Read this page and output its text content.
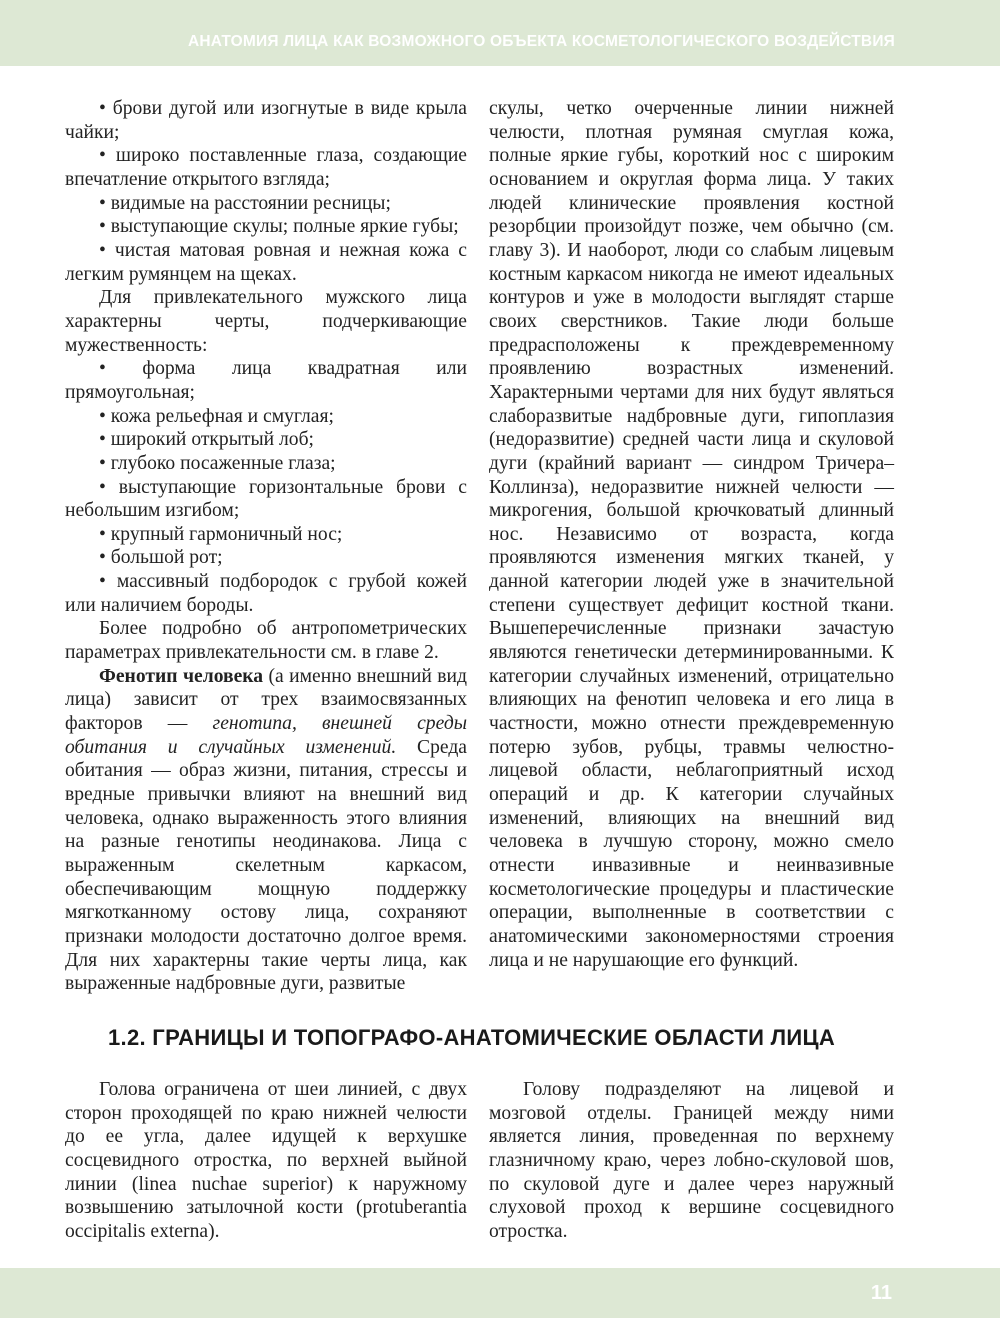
АНАТОМИЯ ЛИЦА КАК ВОЗМОЖНОГО ОБЪЕКТА КОСМЕТОЛОГИЧЕСКОГО ВОЗДЕЙСТВИЯ

• брови дугой или изогнутые в виде крыла чайки;

• широко поставленные глаза, создающие впечатление открытого взгляда;

• видимые на расстоянии ресницы;

• выступающие скулы; полные яркие губы;

• чистая матовая ровная и нежная кожа с легким румянцем на щеках.

Для привлекательного мужского лица характерны черты, подчеркивающие мужественность:

• форма лица квадратная или прямоугольная;

• кожа рельефная и смуглая;

• широкий открытый лоб;

• глубоко посаженные глаза;

• выступающие горизонтальные брови с небольшим изгибом;

• крупный гармоничный нос;

• большой рот;

• массивный подбородок с грубой кожей или наличием бороды.

Более подробно об антропометрических параметрах привлекательности см. в главе 2.

Фенотип человека (а именно внешний вид лица) зависит от трех взаимосвязанных факторов — генотипа, внешней среды обитания и случайных изменений. Среда обитания — образ жизни, питания, стрессы и вредные привычки влияют на внешний вид человека, однако выраженность этого влияния на разные генотипы неодинакова. Лица с выраженным скелетным каркасом, обеспечивающим мощную поддержку мягкотканному остову лица, сохраняют признаки молодости достаточно долгое время. Для них характерны такие черты лица, как выраженные надбровные дуги, развитые

скулы, четко очерченные линии нижней челюсти, плотная румяная смуглая кожа, полные яркие губы, короткий нос с широким основанием и округлая форма лица. У таких людей клинические проявления костной резорбции произойдут позже, чем обычно (см. главу 3). И наоборот, люди со слабым лицевым костным каркасом никогда не имеют идеальных контуров и уже в молодости выглядят старше своих сверстников. Такие люди больше предрасположены к преждевременному проявлению возрастных изменений. Характерными чертами для них будут являться слаборазвитые надбровные дуги, гипоплазия (недоразвитие) средней части лица и скуловой дуги (крайний вариант — синдром Тричера–Коллинза), недоразвитие нижней челюсти — микрогения, большой крючковатый длинный нос. Независимо от возраста, когда проявляются изменения мягких тканей, у данной категории людей уже в значительной степени существует дефицит костной ткани. Вышеперечисленные признаки зачастую являются генетически детерминированными. К категории случайных изменений, отрицательно влияющих на фенотип человека и его лица в частности, можно отнести преждевременную потерю зубов, рубцы, травмы челюстно-лицевой области, неблагоприятный исход операций и др. К категории случайных изменений, влияющих на внешний вид человека в лучшую сторону, можно смело отнести инвазивные и неинвазивные косметологические процедуры и пластические операции, выполненные в соответствии с анатомическими закономерностями строения лица и не нарушающие его функций.

1.2. ГРАНИЦЫ И ТОПОГРАФО-АНАТОМИЧЕСКИЕ ОБЛАСТИ ЛИЦА

Голова ограничена от шеи линией, с двух сторон проходящей по краю нижней челюсти до ее угла, далее идущей к верхушке сосцевидного отростка, по верхней выйной линии (linea nuchae superior) к наружному возвышению затылочной кости (protuberantia occipitalis externa).

Голову подразделяют на лицевой и мозговой отделы. Границей между ними является линия, проведенная по верхнему глазничному краю, через лобно-скуловой шов, по скуловой дуге и далее через наружный слуховой проход к вершине сосцевидного отростка.

11
